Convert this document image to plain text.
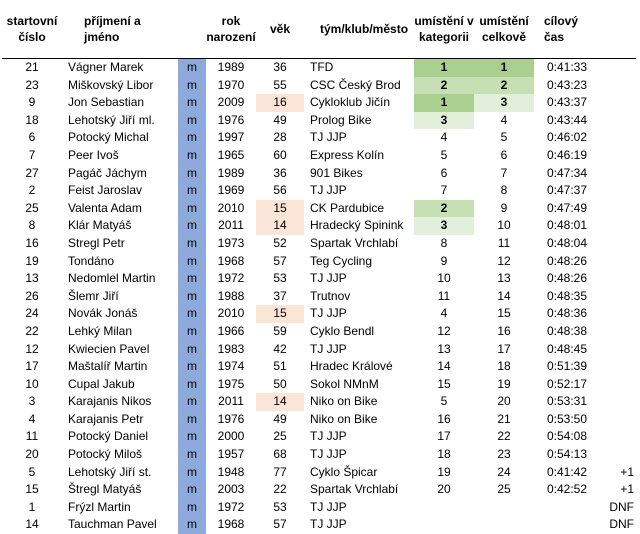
startovní
číslo	příjmení a jméno		rok
narození	věk	tým/klub/město	umístění v
kategorii	umístění
celkově	cílový čas	
21	Vágner Marek	m	1989	36	TFD	1	1	0:41:33	
23	Miškovský Libor	m	1970	55	CSC Český Brod	2	2	0:43:23	
9	Jon Sebastian	m	2009	16	Cykloklub Jičín	1	3	0:43:37	
18	Lehotský Jiří ml.	m	1976	49	Prolog Bike	3	4	0:43:44	
6	Potocký Michal	m	1997	28	TJ JJP	4	5	0:46:02	
7	Peer Ivoš	m	1965	60	Express Kolín	5	6	0:46:19	
27	Pagáč Jáchym	m	1989	36	901 Bikes	6	7	0:47:34	
2	Feist Jaroslav	m	1969	56	TJ JJP	7	8	0:47:37	
25	Valenta Adam	m	2010	15	CK Pardubice	2	9	0:47:49	
8	Klár Matyáš	m	2011	14	Hradecký Spinink	3	10	0:48:01	
16	Stregl Petr	m	1973	52	Spartak Vrchlabí	8	11	0:48:04	
19	Tondáno	m	1968	57	Teg Cycling	9	12	0:48:26	
13	Nedomlel Martin	m	1972	53	TJ JJP	10	13	0:48:26	
26	Šlemr Jiří	m	1988	37	Trutnov	11	14	0:48:35	
24	Novák Jonáš	m	2010	15	TJ JJP	4	15	0:48:36	
22	Lehký Milan	m	1966	59	Cyklo Bendl	12	16	0:48:38	
12	Kwiecien Pavel	m	1983	42	TJ JJP	13	17	0:48:45	
17	Maštalíř Martin	m	1974	51	Hradec Králové	14	18	0:51:39	
10	Cupal Jakub	m	1975	50	Sokol NMnM	15	19	0:52:17	
3	Karajanis Nikos	m	2011	14	Niko on Bike	5	20	0:53:31	
4	Karajanis Petr	m	1976	49	Niko on Bike	16	21	0:53:50	
11	Potocký Daniel	m	2000	25	TJ JJP	17	22	0:54:08	
20	Potocký Miloš	m	1957	68	TJ JJP	18	23	0:54:13	
5	Lehotský Jiří st.	m	1948	77	Cyklo Špicar	19	24	0:41:42	+1
15	Štregl Matyáš	m	2003	22	Spartak Vrchlabí	20	25	0:42:52	+1
1	Frýzl Martin	m	1972	53	TJ JJP				DNF
14	Tauchman Pavel	m	1968	57	TJ JJP				DNF
